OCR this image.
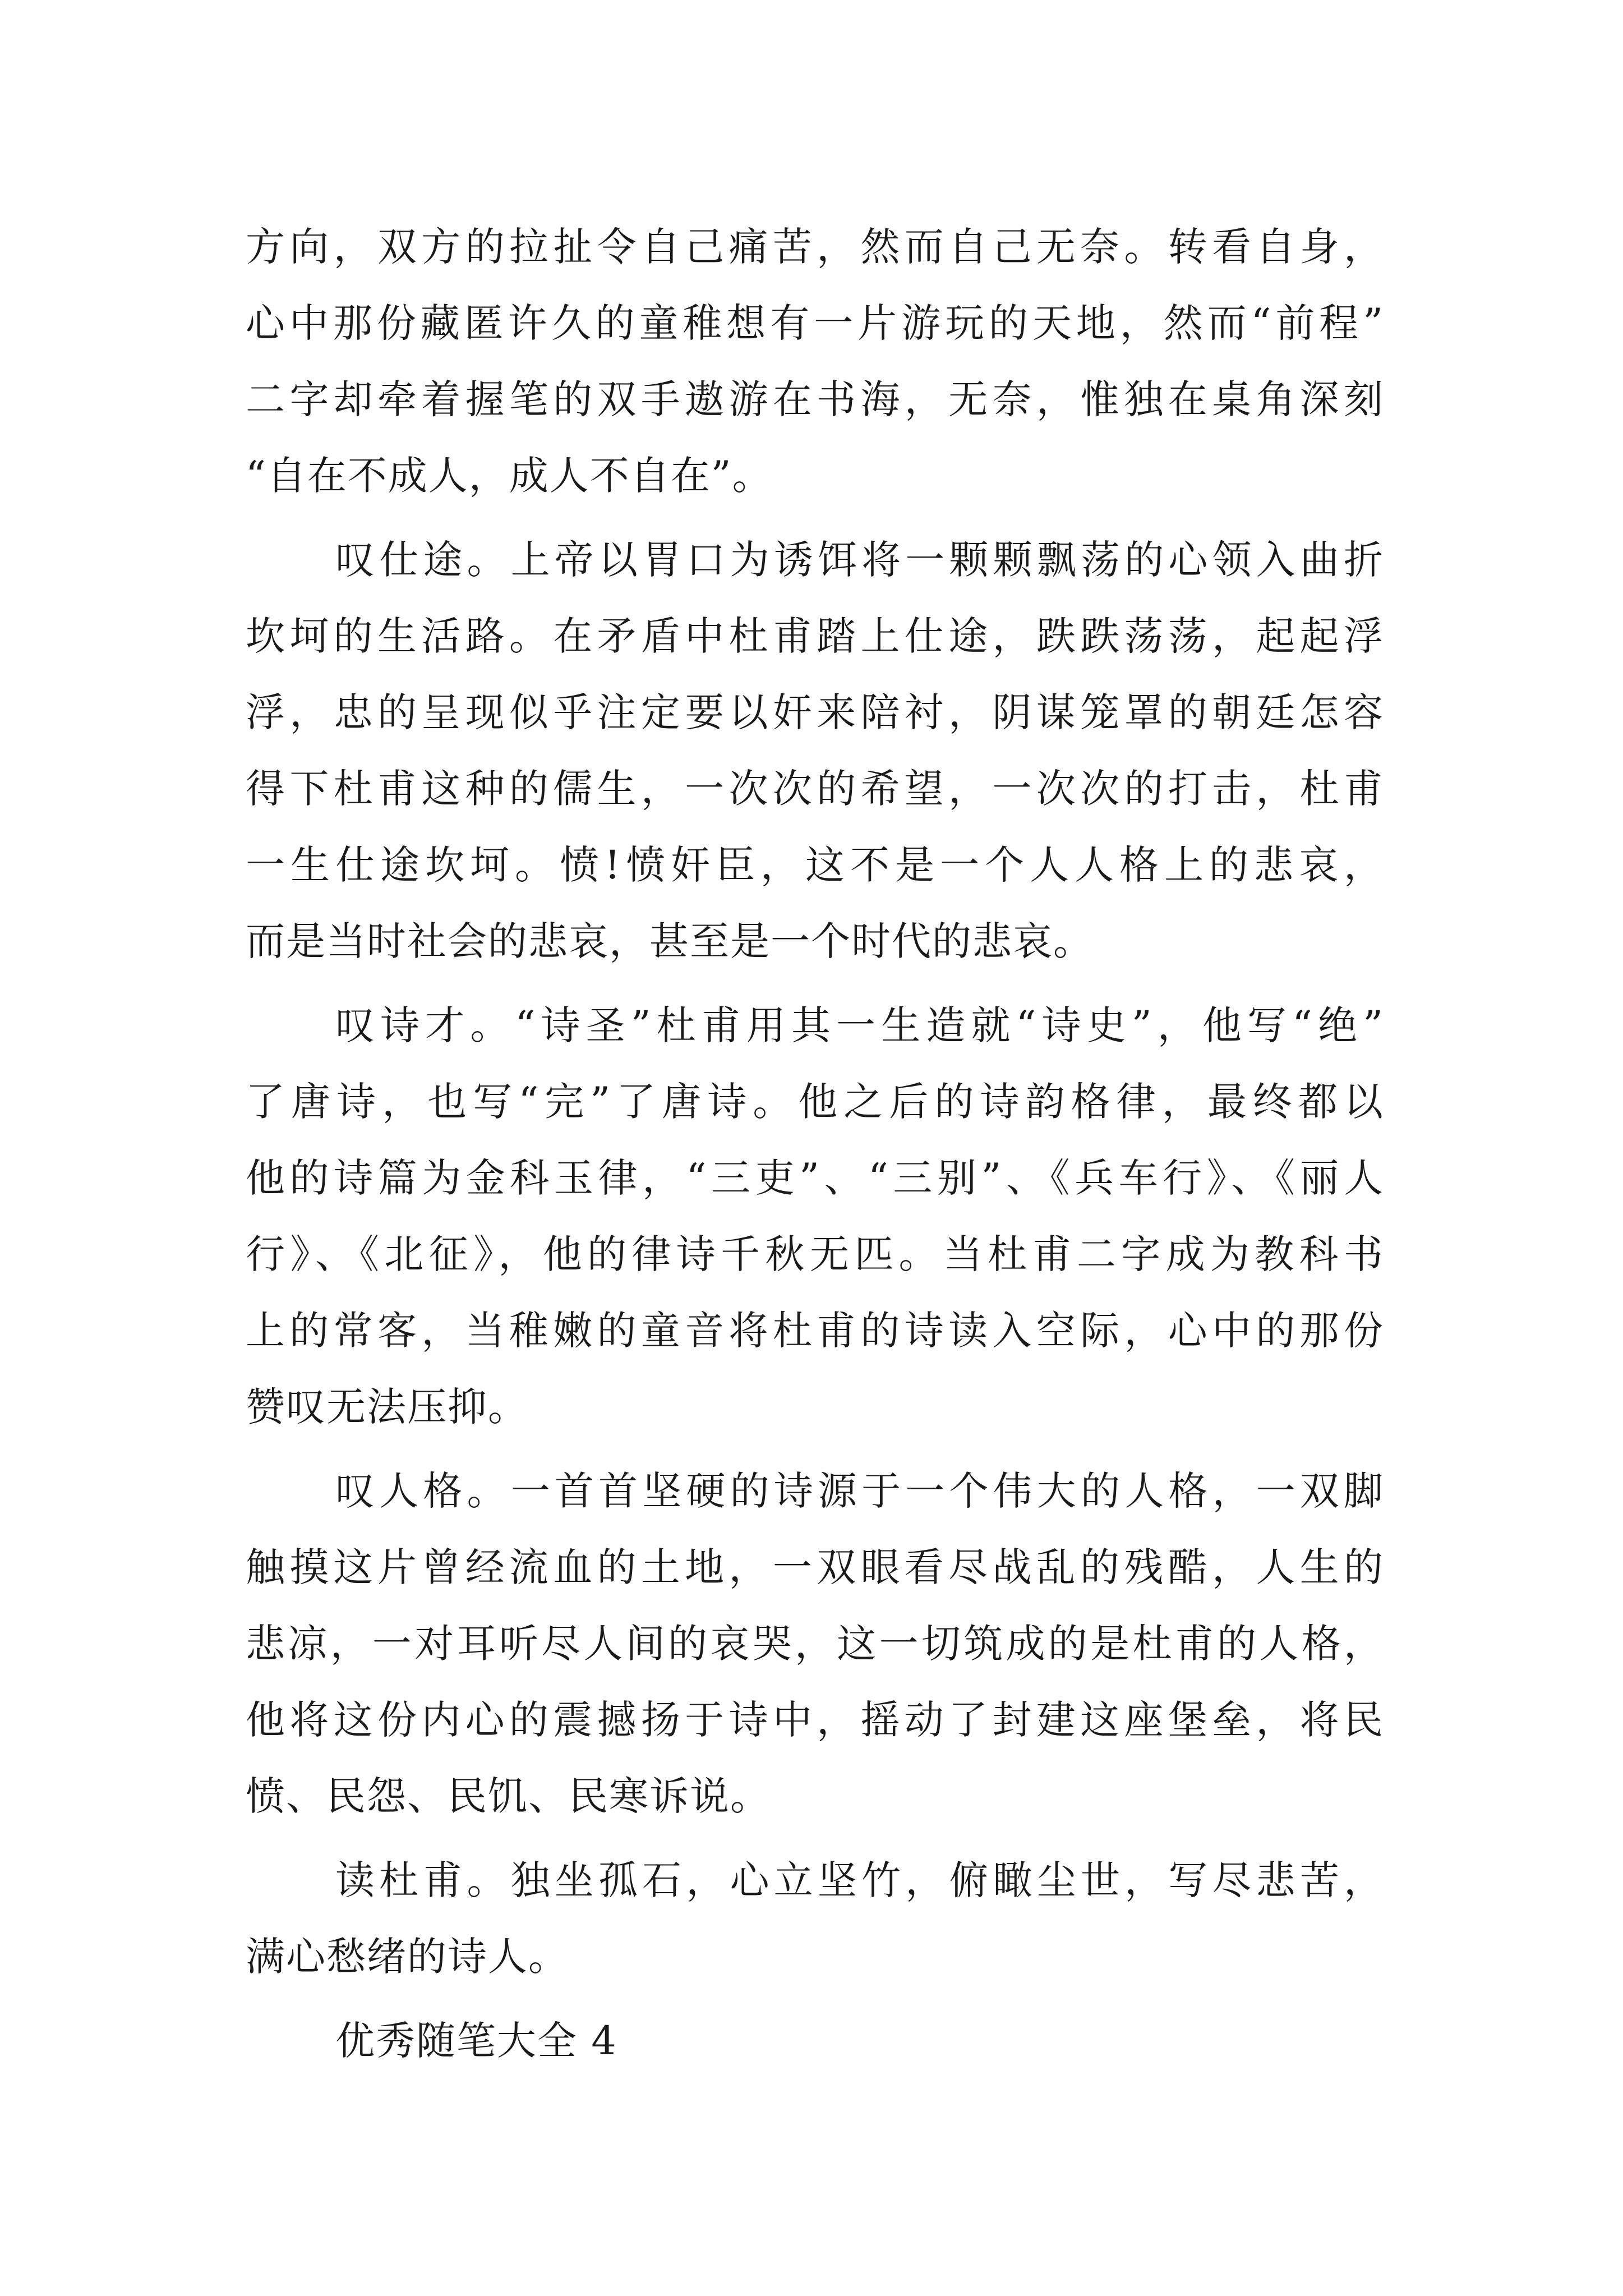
方向，双方的拉扯令自己痛苦，然而自己无奈。转看自身，
心中那份藏匿许久的童稚想有一片游玩的天地，然而“前程”
二字却牵着握笔的双手遨游在书海，无奈，惟独在桌角深刻
“自在不成人，成人不自在”。
叹仕途。上帝以胃口为诱饵将一颗颗飘荡的心领入曲折
坎坷的生活路。在矛盾中杜甫踏上仕途，跌跌荡荡，起起浮
浮，忠的呈现似乎注定要以奸来陪衬，阴谋笼罩的朝廷怎容
得下杜甫这种的儒生，一次次的希望，一次次的打击，杜甫
一生仕途坎坷。愤!愤奸臣，这不是一个人人格上的悲哀，
而是当时社会的悲哀，甚至是一个时代的悲哀。
叹诗才。“诗圣”杜甫用其一生造就“诗史”，他写“绝”
了唐诗，也写“完”了唐诗。他之后的诗韵格律，最终都以
他的诗篇为金科玉律，“三吏”、“三别”、《兵车行》、《丽人
行》、《北征》，他的律诗千秋无匹。当杜甫二字成为教科书
上的常客，当稚嫩的童音将杜甫的诗读入空际，心中的那份
赞叹无法压抑。
叹人格。一首首坚硬的诗源于一个伟大的人格，一双脚
触摸这片曾经流血的土地，一双眼看尽战乱的残酷，人生的
悲凉，一对耳听尽人间的哀哭，这一切筑成的是杜甫的人格，
他将这份内心的震撼扬于诗中，摇动了封建这座堡垒，将民
愤、民怨、民饥、民寒诉说。
读杜甫。独坐孤石，心立坚竹，俯瞰尘世，写尽悲苦，
满心愁绪的诗人。
优秀随笔大全 4
